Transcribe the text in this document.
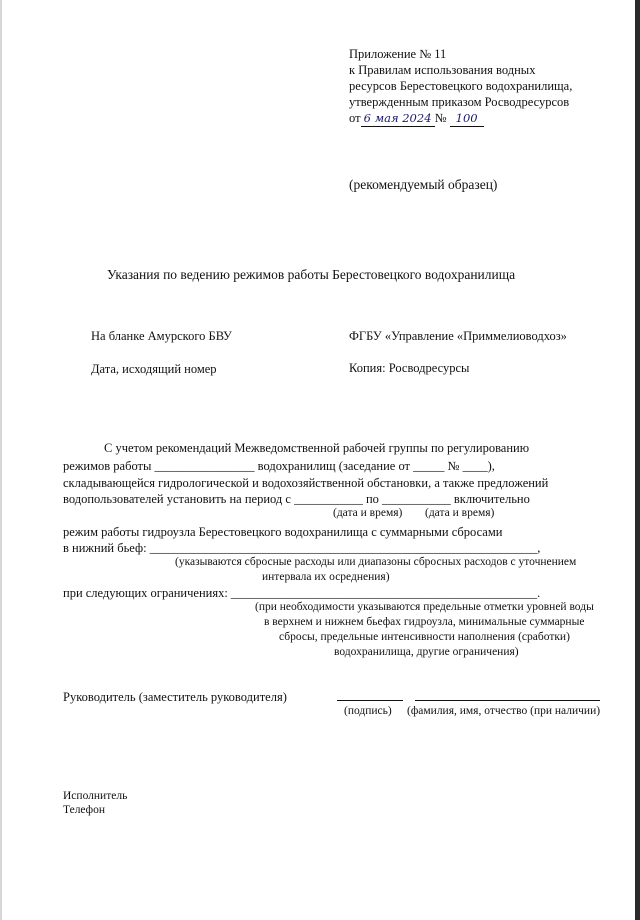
Приложение № 11
к Правилам использования водных
ресурсов Берестовецкого водохранилища,
утвержденным приказом Росводресурсов
от 6 мая 2024 № 100
(рекомендуемый образец)
Указания по ведению режимов работы Берестовецкого водохранилища
На бланке Амурского БВУ	ФГБУ «Управление «Приммелиоводхоз»
Дата, исходящий номер	Копия: Росводресурсы
С учетом рекомендаций Межведомственной рабочей группы по регулированию
режимов работы ________________ водохранилищ (заседание от _____ № ____),
складывающейся гидрологической и водохозяйственной обстановки, а также предложений
водопользователей установить на период с ___________ по ___________ включительно
(дата и время) (дата и время)
режим работы гидроузла Берестовецкого водохранилища с суммарными сбросами
в нижний бьеф: ______________________________________________________________,
(указываются сбросные расходы или диапазоны сбросных расходов с уточнением
интервала их осреднения)
при следующих ограничениях: _________________________________________________.
(при необходимости указываются предельные отметки уровней воды
в верхнем и нижнем бьефах гидроузла, минимальные суммарные
сбросы, предельные интенсивности наполнения (сработки)
водохранилища, другие ограничения)
Руководитель (заместитель руководителя)
(подпись) (фамилия, имя, отчество (при наличии)
Исполнитель
Телефон
